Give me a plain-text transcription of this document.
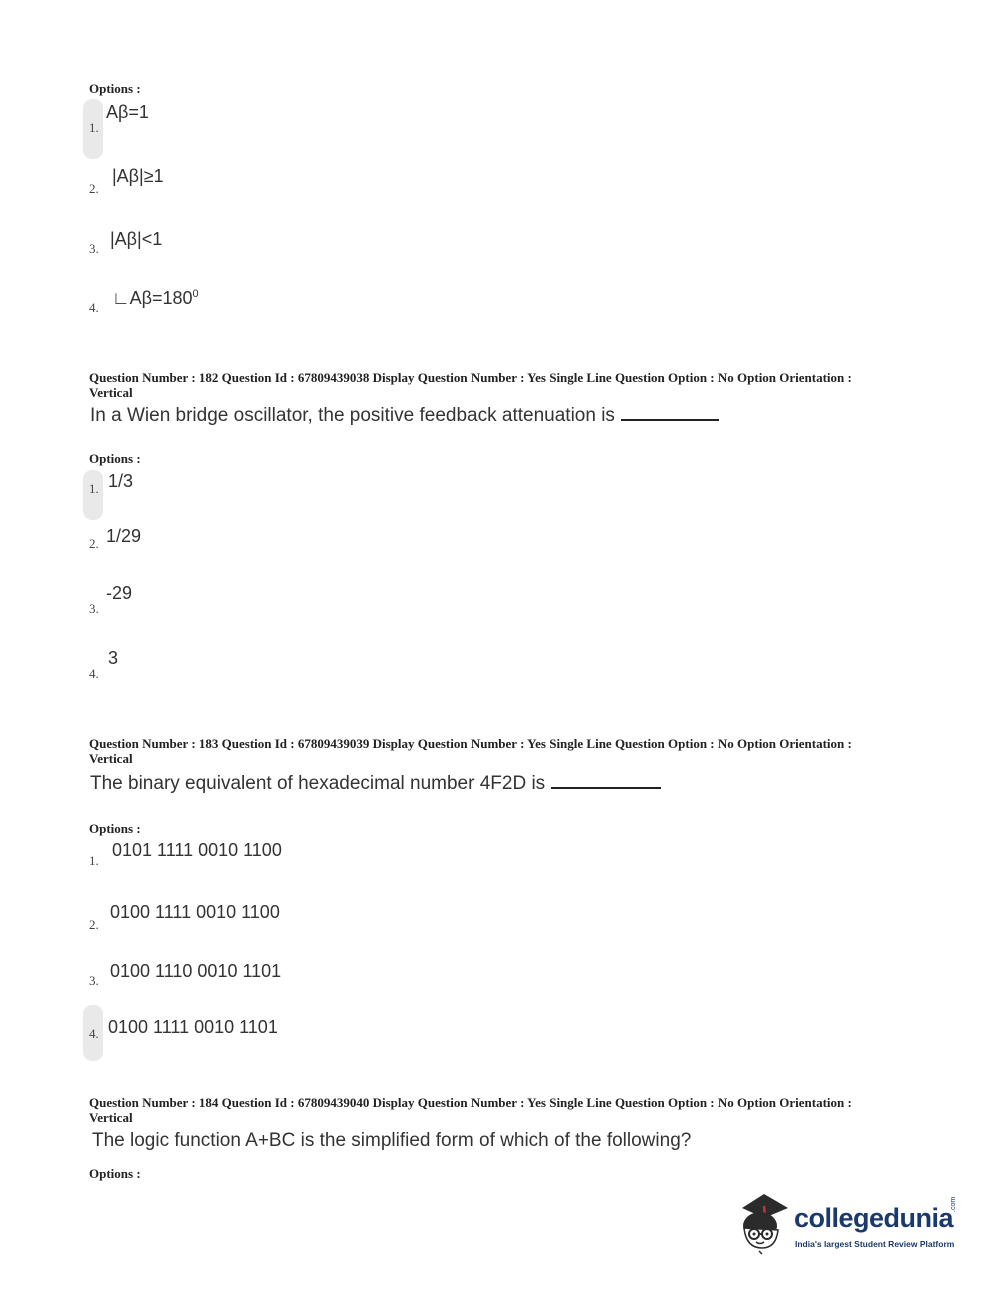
Options :
1.
Aβ=1
2.
|Aβ|≥1
3. |Aβ|<1
4. $∟A\beta=180^0$
Question Number : 182 Question Id : 67809439038 Display Question Number : Yes Single Line Question Option : No Option Orientation : Vertical
In a Wien bridge oscillator, the positive feedback attenuation is
Options :
1. 1/3
2. 1/29
3.
-29
4.
3
Question Number : 183 Question Id : 67809439039 Display Question Number : Yes Single Line Question Option : No Option Orientation : Vertical
The binary equivalent of hexadecimal number 4F2D is
Options :
1.
0101 1111 0010 1100
2.
0100 1111 0010 1100
3. 0100 1110 0010 1101
4. 0100 1111 0010 1101
Question Number : 184 Question Id : 67809439040 Display Question Number : Yes Single Line Question Option : No Option Orientation : Vertical
The logic function A+BC is the simplified form of which of the following?
Options :
collegedunia
.com
India's largest Student Review Platform
